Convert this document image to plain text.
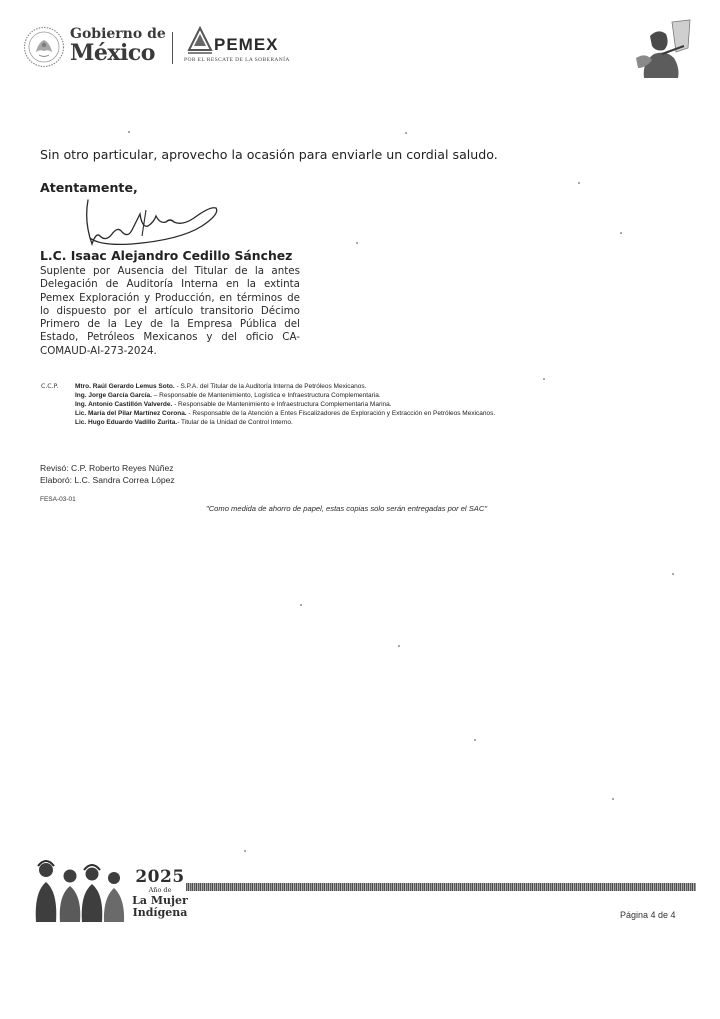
Gobierno de
México	PEMEX
POR EL RESCATE DE LA SOBERANÍA
Sin otro particular, aprovecho la ocasión para enviarle un cordial saludo.
Atentamente,
L.C. Isaac Alejandro Cedillo Sánchez
Suplente por Ausencia del Titular de la antes Delegación de Auditoría Interna en la extinta Pemex Exploración y Producción, en términos de lo dispuesto por el artículo transitorio Décimo Primero de la Ley de la Empresa Pública del Estado, Petróleos Mexicanos y del oficio CA-COMAUD-AI-273-2024.
C.C.P.	Mtro. Raúl Gerardo Lemus Soto. - S.P.A. del Titular de la Auditoría Interna de Petróleos Mexicanos.
Ing. Jorge García García. – Responsable de Mantenimiento, Logística e Infraestructura Complementaria.
Ing. Antonio Castillón Valverde. - Responsable de Mantenimiento e Infraestructura Complementaria Marina.
Lic. María del Pilar Martínez Corona. - Responsable de la Atención a Entes Fiscalizadores de Exploración y Extracción en Petróleos Mexicanos.
Lic. Hugo Eduardo Vadillo Zurita.- Titular de la Unidad de Control Interno.
Revisó: C.P. Roberto Reyes Núñez
Elaboró: L.C. Sandra Correa López
FESA-03-01
"Como medida de ahorro de papel, estas copias solo serán entregadas por el SAC"
2025
Año de
La Mujer
Indígena	Página 4 de 4
